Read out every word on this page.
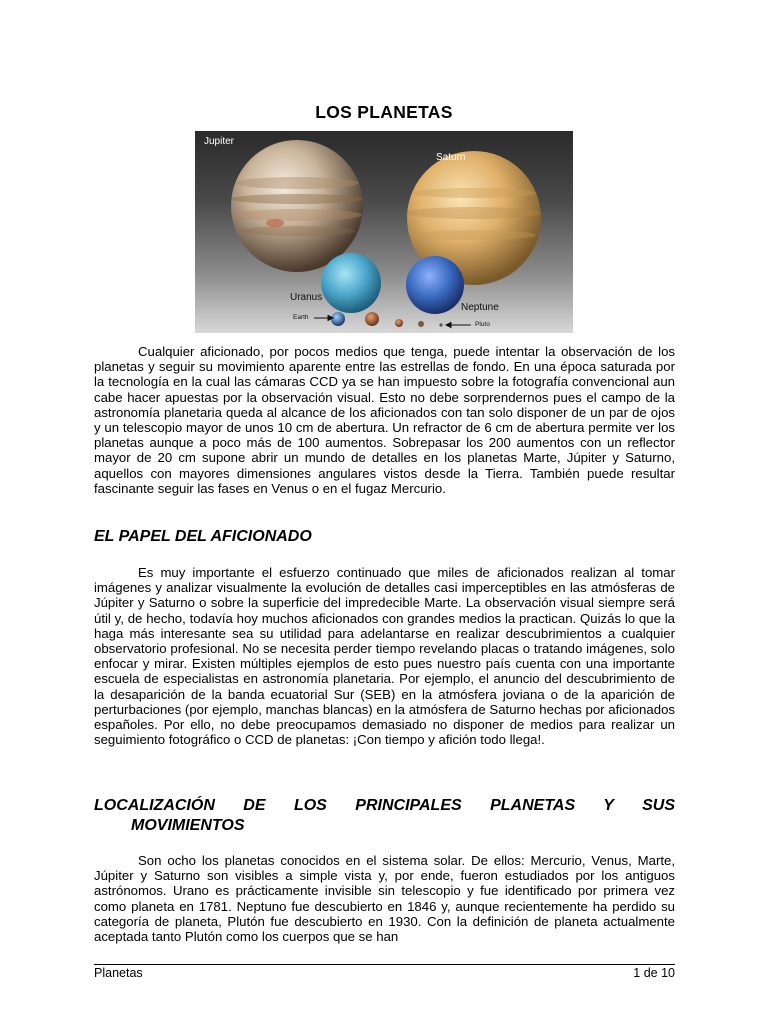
LOS PLANETAS
Jupiter
Saturn
Uranus
Neptune
Earth
Pluto

Cualquier aficionado, por pocos medios que tenga, puede intentar la observación de los planetas y seguir su movimiento aparente entre las estrellas de fondo. En una época saturada por la tecnología en la cual las cámaras CCD ya se han impuesto sobre la fotografía convencional aun cabe hacer apuestas por la observación visual. Esto no debe sorprendernos pues el campo de la astronomía planetaria queda al alcance de los aficionados con tan solo disponer de un par de ojos y un telescopio mayor de unos 10 cm de abertura. Un refractor de 6 cm de abertura permite ver los planetas aunque a poco más de 100 aumentos. Sobrepasar los 200 aumentos con un reflector mayor de 20 cm supone abrir un mundo de detalles en los planetas Marte, Júpiter y Saturno, aquellos con mayores dimensiones angulares vistos desde la Tierra. También puede resultar fascinante seguir las fases en Venus o en el fugaz Mercurio.

EL PAPEL DEL AFICIONADO

Es muy importante el esfuerzo continuado que miles de aficionados realizan al tomar imágenes y analizar visualmente la evolución de detalles casi imperceptibles en las atmósferas de Júpiter y Saturno o sobre la superficie del impredecible Marte. La observación visual siempre será útil y, de hecho, todavía hoy muchos aficionados con grandes medios la practican. Quizás lo que la haga más interesante sea su utilidad para adelantarse en realizar descubrimientos a cualquier observatorio profesional. No se necesita perder tiempo revelando placas o tratando imágenes, solo enfocar y mirar. Existen múltiples ejemplos de esto pues nuestro país cuenta con una importante escuela de especialistas en astronomía planetaria. Por ejemplo, el anuncio del descubrimiento de la desaparición de la banda ecuatorial Sur (SEB) en la atmósfera joviana o de la aparición de perturbaciones (por ejemplo, manchas blancas) en la atmósfera de Saturno hechas por aficionados españoles. Por ello, no debe preocupamos demasiado no disponer de medios para realizar un seguimiento fotográfico o CCD de planetas: ¡Con tiempo y afición todo llega!.

LOCALIZACIÓN DE LOS PRINCIPALES PLANETAS Y SUS

MOVIMIENTOS

Son ocho los planetas conocidos en el sistema solar. De ellos: Mercurio, Venus, Marte, Júpiter y Saturno son visibles a simple vista y, por ende, fueron estudiados por los antiguos astrónomos. Urano es prácticamente invisible sin telescopio y fue identificado por primera vez como planeta en 1781. Neptuno fue descubierto en 1846 y, aunque recientemente ha perdido su categoría de planeta, Plutón fue descubierto en 1930. Con la definición de planeta actualmente aceptada tanto Plutón como los cuerpos que se han

Planetas	1 de 10
